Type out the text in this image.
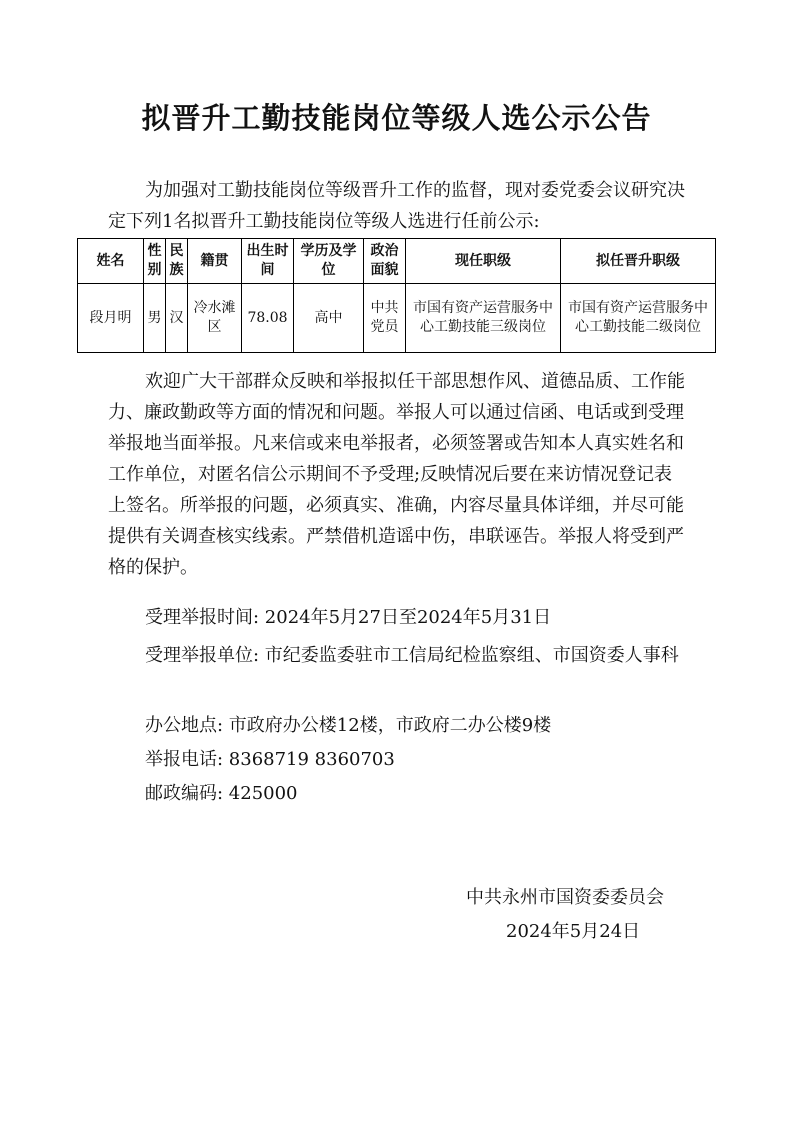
拟晋升工勤技能岗位等级人选公示公告

为加强对工勤技能岗位等级晋升工作的监督，现对委党委会议研究决定下列1名拟晋升工勤技能岗位等级人选进行任前公示:

姓名	性别	民族	籍贯	出生时间	学历及学位	政治面貌	现任职级	拟任晋升职级
段月明	男	汉	冷水滩区	78.08	高中	中共党员	市国有资产运营服务中心工勤技能三级岗位	市国有资产运营服务中心工勤技能二级岗位

欢迎广大干部群众反映和举报拟任干部思想作风、道德品质、工作能力、廉政勤政等方面的情况和问题。举报人可以通过信函、电话或到受理举报地当面举报。凡来信或来电举报者，必须签署或告知本人真实姓名和工作单位，对匿名信公示期间不予受理;反映情况后要在来访情况登记表上签名。所举报的问题，必须真实、准确，内容尽量具体详细，并尽可能提供有关调查核实线索。严禁借机造谣中伤，串联诬告。举报人将受到严格的保护。

受理举报时间: 2024年5月27日至2024年5月31日

受理举报单位: 市纪委监委驻市工信局纪检监察组、市国资委人事科

办公地点: 市政府办公楼12楼，市政府二办公楼9楼

举报电话: 8368719 8360703

邮政编码: 425000

中共永州市国资委委员会
2024年5月24日
